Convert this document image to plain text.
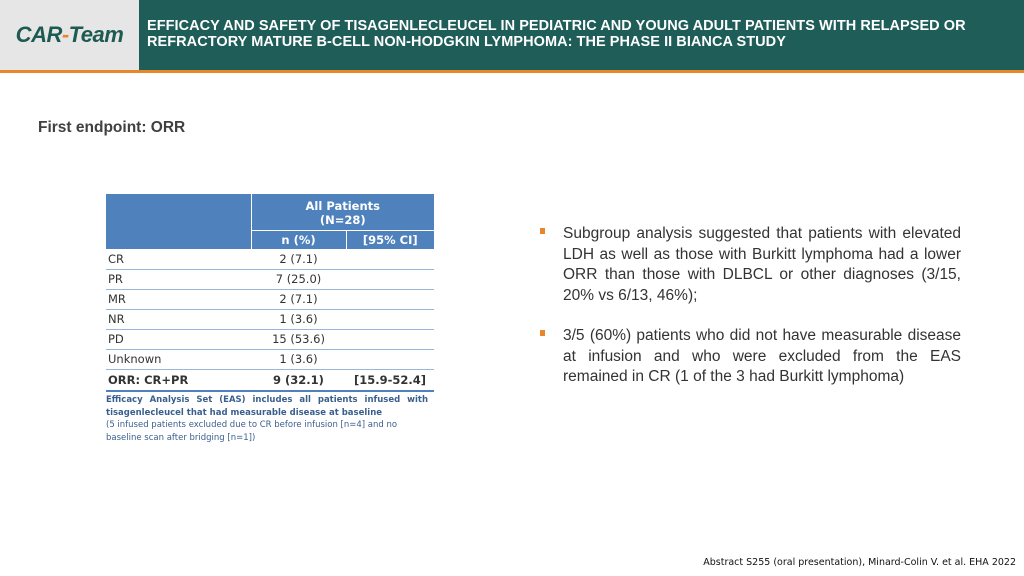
CAR-Team EFFICACY AND SAFETY OF TISAGENLECLEUCEL IN PEDIATRIC AND YOUNG ADULT PATIENTS WITH RELAPSED OR REFRACTORY MATURE B-CELL NON-HODGKIN LYMPHOMA: THE PHASE II BIANCA STUDY
First endpoint: ORR
	All Patients
(N=28)	
	n (%)	[95% CI]
CR	2 (7.1)	
PR	7 (25.0)	
MR	2 (7.1)	
NR	1 (3.6)	
PD	15 (53.6)	
Unknown	1 (3.6)	
ORR: CR+PR	9 (32.1)	[15.9-52.4]
Efficacy Analysis Set (EAS) includes all patients infused with
tisagenlecleucel that had measurable disease at baseline
(5 infused patients excluded due to CR before infusion [n=4] and no baseline scan after bridging [n=1])
Subgroup analysis suggested that patients with elevated LDH as well as those with Burkitt lymphoma had a lower ORR than those with DLBCL or other diagnoses (3/15, 20% vs 6/13, 46%);
3/5 (60%) patients who did not have measurable disease at infusion and who were excluded from the EAS remained in CR (1 of the 3 had Burkitt lymphoma)
Abstract S255 (oral presentation), Minard-Colin V. et al. EHA 2022
